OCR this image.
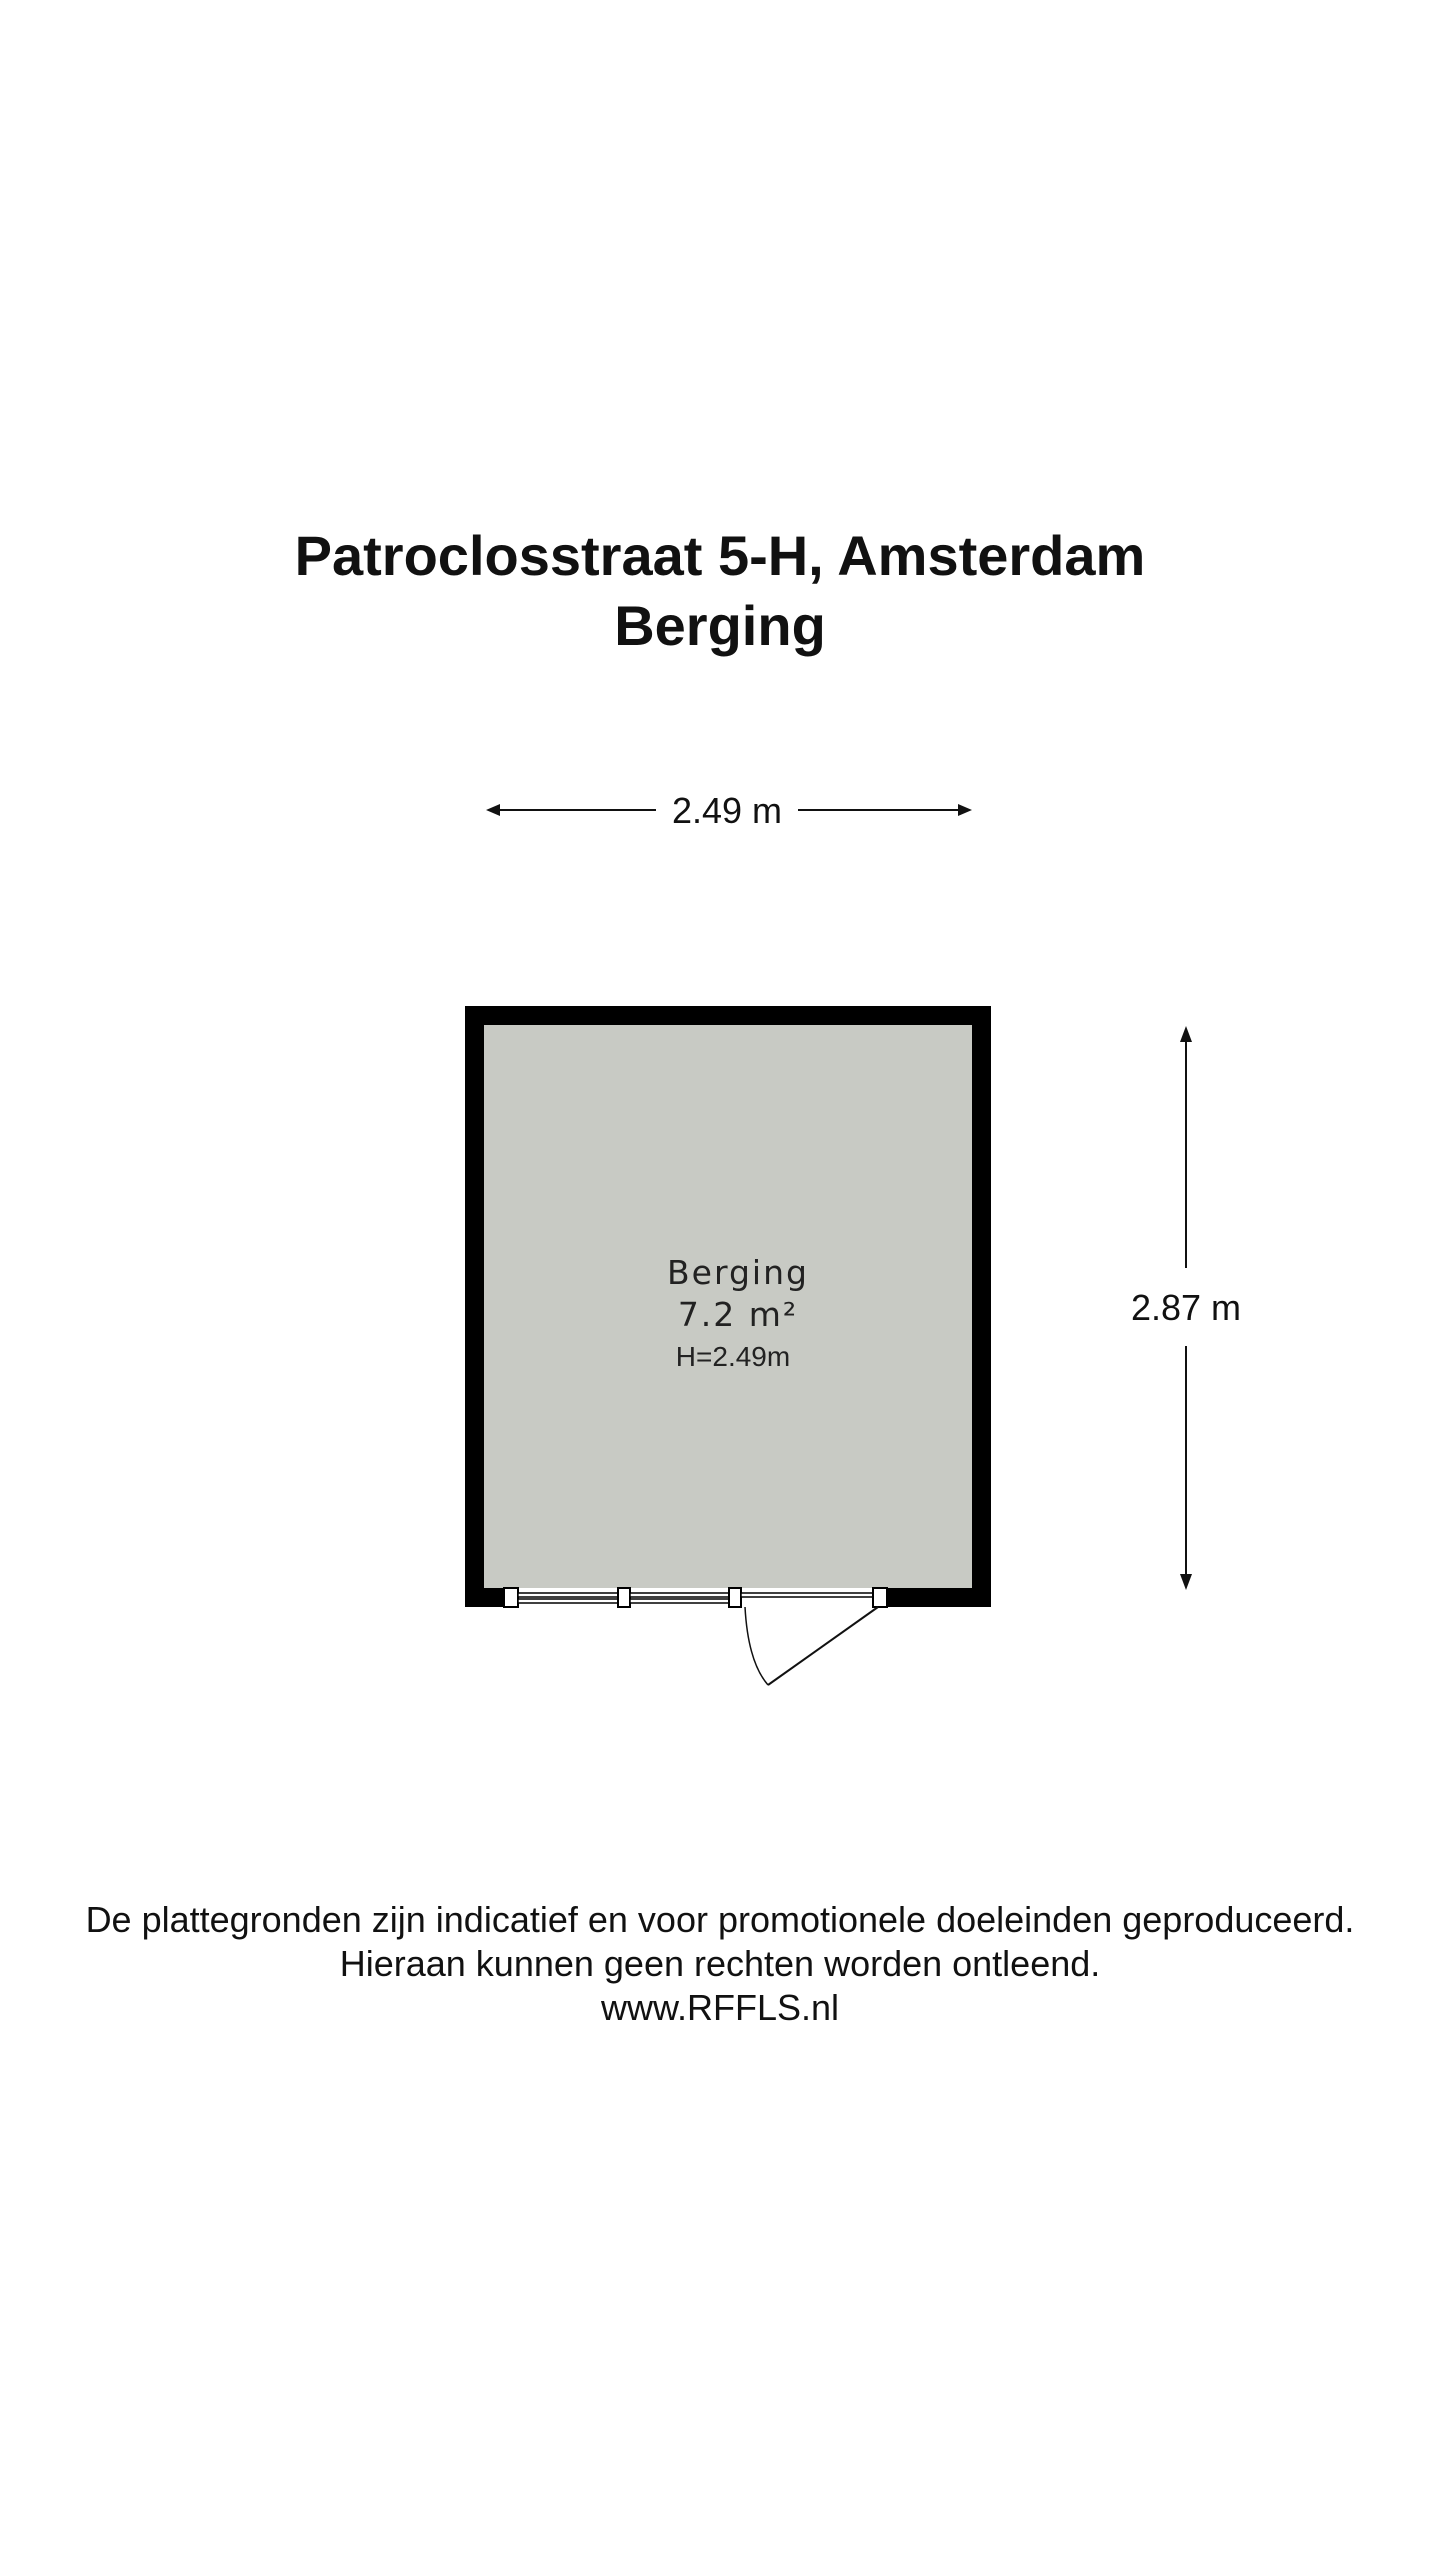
Patroclosstraat 5-H, Amsterdam
Berging
2.49 m
2.87 m
Berging
7.2 m²
H=2.49m
De plattegronden zijn indicatief en voor promotionele doeleinden geproduceerd.
Hieraan kunnen geen rechten worden ontleend.
www.RFFLS.nl
